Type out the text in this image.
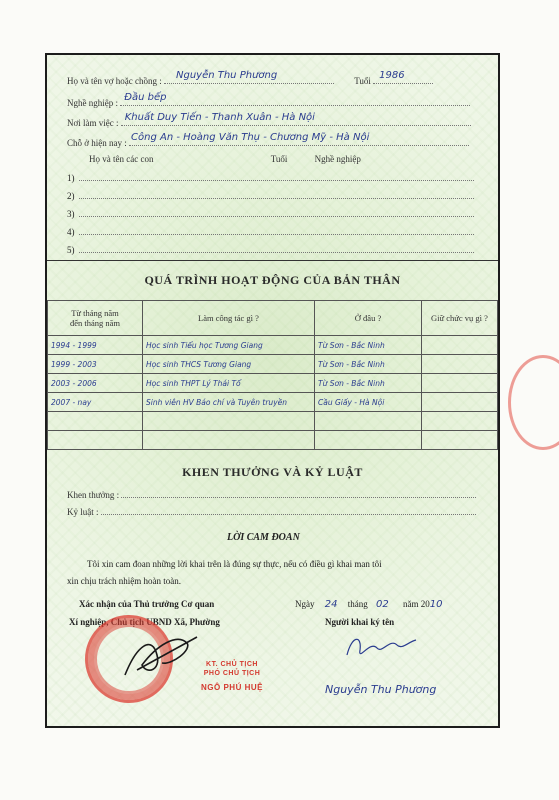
Họ và tên vợ hoặc chồng : Nguyễn Thu Phương	Tuổi 1986
Nghề nghiệp : Đầu bếp
Nơi làm việc : Khuất Duy Tiến - Thanh Xuân - Hà Nội
Chỗ ở hiện nay : Công An - Hoàng Văn Thụ - Chương Mỹ - Hà Nội
Họ và tên các con	Tuổi	Nghề nghiệp
1)
2)
3)
4)
5)
QUÁ TRÌNH HOẠT ĐỘNG CỦA BẢN THÂN
Từ tháng năm
đến tháng năm	Làm công tác gì ?	Ở đâu ?	Giữ chức vụ gì ?
1994 - 1999	Học sinh Tiểu học Tương Giang	Từ Sơn - Bắc Ninh	
1999 - 2003	Học sinh THCS Tương Giang	Từ Sơn - Bắc Ninh	
2003 - 2006	Học sinh THPT Lý Thái Tổ	Từ Sơn - Bắc Ninh	
2007 - nay	Sinh viên HV Báo chí và Tuyên truyền	Cầu Giấy - Hà Nội	

KHEN THƯỞNG VÀ KỶ LUẬT
Khen thưởng :
Kỷ luật :
LỜI CAM ĐOAN
Tôi xin cam đoan những lời khai trên là đúng sự thực, nếu có điều gì khai man tôi
xin chịu trách nhiệm hoàn toàn.
Xác nhận của Thủ trưởng Cơ quan
Xí nghiệp, Chủ tịch UBND Xã, Phường
Ngày 24 tháng 02 năm 2010
Người khai ký tên
KT. CHỦ TỊCH
PHÓ CHỦ TỊCH
NGÔ PHÚ HUỆ	Nguyễn Thu Phương
